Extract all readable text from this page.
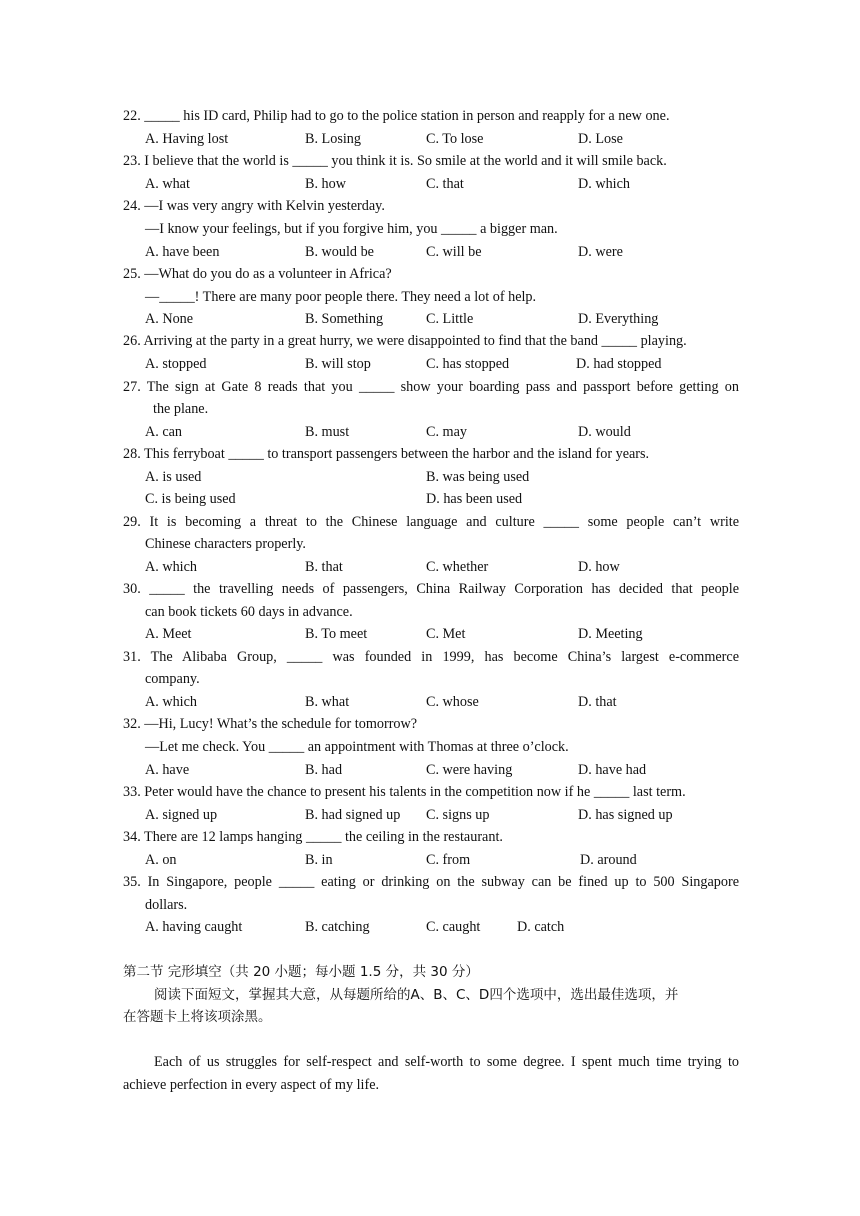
22. _____ his ID card, Philip had to go to the police station in person and reapply for a new one.
A. Having lost	B. Losing	C. To lose	D. Lose
23. I believe that the world is _____ you think it is. So smile at the world and it will smile back.
A. what	B. how	C. that	D. which
24. —I was very angry with Kelvin yesterday.
—I know your feelings, but if you forgive him, you _____ a bigger man.
A. have been	B. would be	C. will be	D. were
25. —What do you do as a volunteer in Africa?
—_____! There are many poor people there. They need a lot of help.
A. None	B. Something	C. Little	D. Everything
26. Arriving at the party in a great hurry, we were disappointed to find that the band _____ playing.
A. stopped	B. will stop	C. has stopped	D. had stopped
27. The sign at Gate 8 reads that you _____ show your boarding pass and passport before getting on
the plane.
A. can	B. must	C. may	D. would
28. This ferryboat _____ to transport passengers between the harbor and the island for years.
A. is used	B. was being used
C. is being used	D. has been used
29. It is becoming a threat to the Chinese language and culture _____ some people can’t write
Chinese characters properly.
A. which	B. that	C. whether	D. how
30. _____ the travelling needs of passengers, China Railway Corporation has decided that people
can book tickets 60 days in advance.
A. Meet	B. To meet	C. Met	D. Meeting
31. The Alibaba Group, _____ was founded in 1999, has become China’s largest e-commerce
company.
A. which	B. what	C. whose	D. that
32. —Hi, Lucy! What’s the schedule for tomorrow?
—Let me check. You _____ an appointment with Thomas at three o’clock.
A. have	B. had	C. were having	D. have had
33. Peter would have the chance to present his talents in the competition now if he _____ last term.
A. signed up	B. had signed up C. signs up	D. has signed up
34. There are 12 lamps hanging _____ the ceiling in the restaurant.
A. on	B. in	C. from	D. around
35. In Singapore, people _____ eating or drinking on the subway can be fined up to 500 Singapore
dollars.
A. having caught	B. catching	C. caught	D. catch
第二节 完形填空（共 20 小题；每小题 1.5 分，共 30 分）
阅读下面短文，掌握其大意，从每题所给的A、B、C、D四个选项中，选出最佳选项，并
在答题卡上将该项涂黑。
Each of us struggles for self-respect and self-worth to some degree. I spent much time trying to
achieve perfection in every aspect of my life.
